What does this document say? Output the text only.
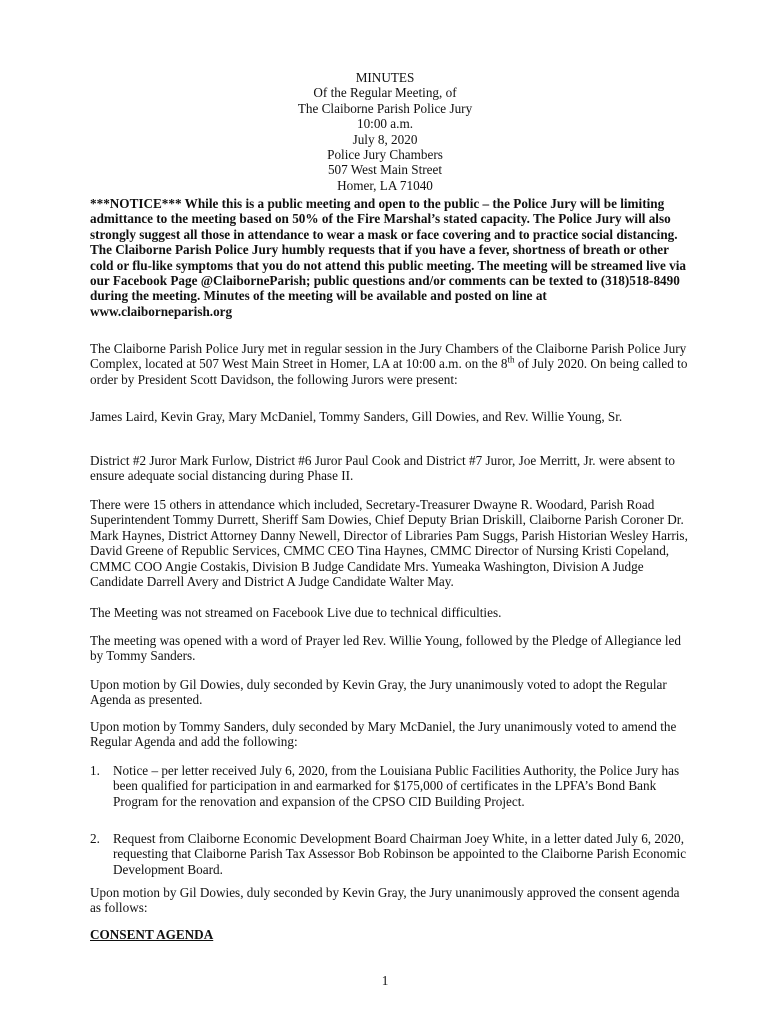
MINUTES
Of the Regular Meeting, of
The Claiborne Parish Police Jury
10:00 a.m.
July 8, 2020
Police Jury Chambers
507 West Main Street
Homer, LA 71040
***NOTICE*** While this is a public meeting and open to the public – the Police Jury will be limiting admittance to the meeting based on 50% of the Fire Marshal’s stated capacity. The Police Jury will also strongly suggest all those in attendance to wear a mask or face covering and to practice social distancing. The Claiborne Parish Police Jury humbly requests that if you have a fever, shortness of breath or other cold or flu-like symptoms that you do not attend this public meeting. The meeting will be streamed live via our Facebook Page @ClaiborneParish; public questions and/or comments can be texted to (318)518-8490 during the meeting. Minutes of the meeting will be available and posted on line at www.claiborneparish.org
The Claiborne Parish Police Jury met in regular session in the Jury Chambers of the Claiborne Parish Police Jury Complex, located at 507 West Main Street in Homer, LA at 10:00 a.m. on the 8th of July 2020. On being called to order by President Scott Davidson, the following Jurors were present:
James Laird, Kevin Gray, Mary McDaniel, Tommy Sanders, Gill Dowies, and Rev. Willie Young, Sr.
District #2 Juror Mark Furlow, District #6 Juror Paul Cook and District #7 Juror, Joe Merritt, Jr. were absent to ensure adequate social distancing during Phase II.
There were 15 others in attendance which included, Secretary-Treasurer Dwayne R. Woodard, Parish Road Superintendent Tommy Durrett, Sheriff Sam Dowies, Chief Deputy Brian Driskill, Claiborne Parish Coroner Dr. Mark Haynes, District Attorney Danny Newell, Director of Libraries Pam Suggs, Parish Historian Wesley Harris, David Greene of Republic Services, CMMC CEO Tina Haynes, CMMC Director of Nursing Kristi Copeland, CMMC COO Angie Costakis, Division B Judge Candidate Mrs. Yumeaka Washington, Division A Judge Candidate Darrell Avery and District A Judge Candidate Walter May.
The Meeting was not streamed on Facebook Live due to technical difficulties.
The meeting was opened with a word of Prayer led Rev. Willie Young, followed by the Pledge of Allegiance led by Tommy Sanders.
Upon motion by Gil Dowies, duly seconded by Kevin Gray, the Jury unanimously voted to adopt the Regular Agenda as presented.
Upon motion by Tommy Sanders, duly seconded by Mary McDaniel, the Jury unanimously voted to amend the Regular Agenda and add the following:
1. Notice – per letter received July 6, 2020, from the Louisiana Public Facilities Authority, the Police Jury has been qualified for participation in and earmarked for $175,000 of certificates in the LPFA’s Bond Bank Program for the renovation and expansion of the CPSO CID Building Project.
2. Request from Claiborne Economic Development Board Chairman Joey White, in a letter dated July 6, 2020, requesting that Claiborne Parish Tax Assessor Bob Robinson be appointed to the Claiborne Parish Economic Development Board.
Upon motion by Gil Dowies, duly seconded by Kevin Gray, the Jury unanimously approved the consent agenda as follows:
CONSENT AGENDA
1
